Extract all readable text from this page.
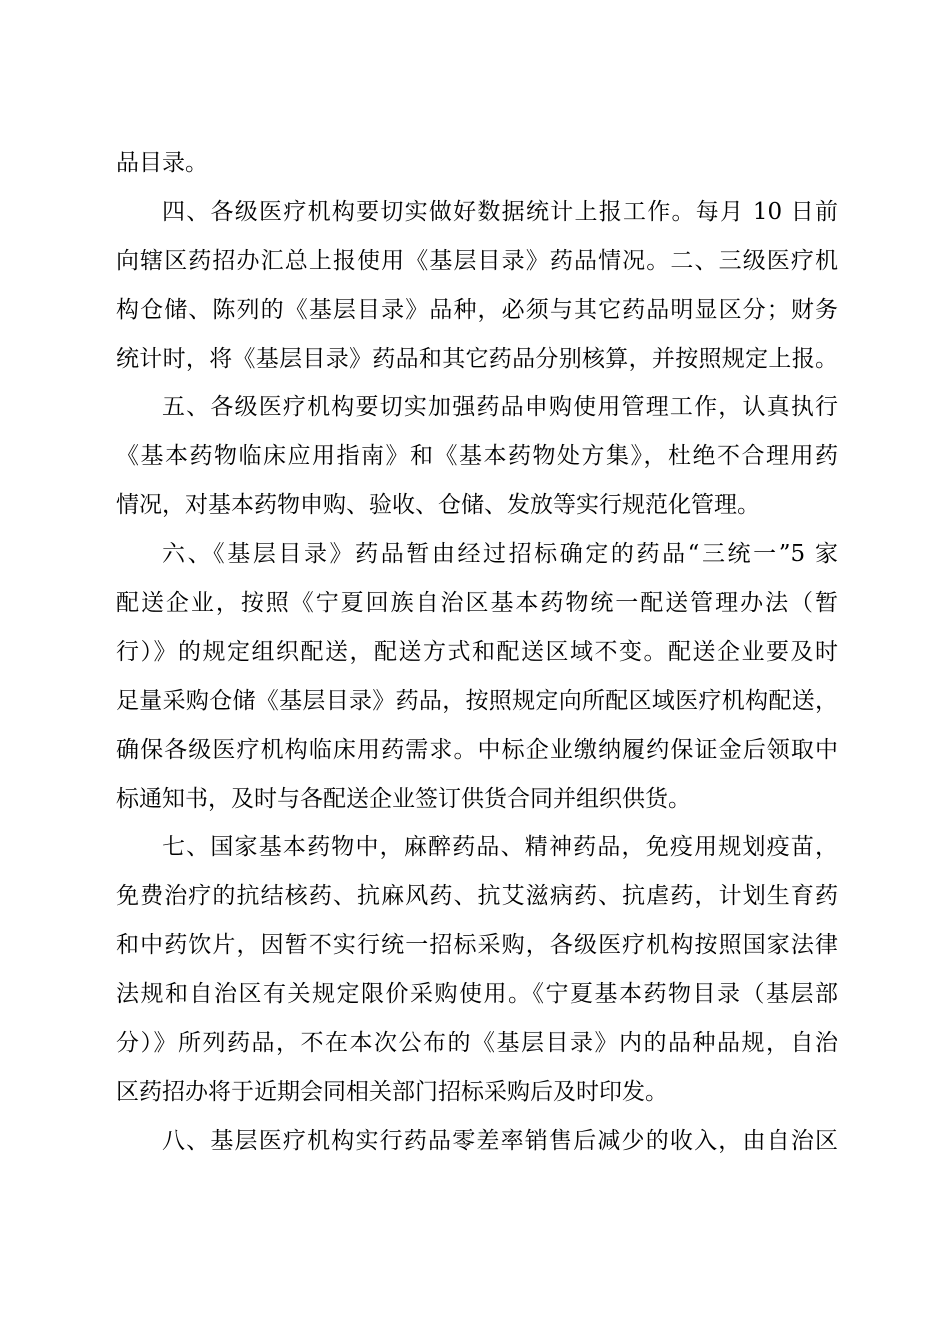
品目录。
四、各级医疗机构要切实做好数据统计上报工作。每月 10 日前
向辖区药招办汇总上报使用《基层目录》药品情况。二、三级医疗机
构仓储、陈列的《基层目录》品种，必须与其它药品明显区分；财务
统计时，将《基层目录》药品和其它药品分别核算，并按照规定上报。
五、各级医疗机构要切实加强药品申购使用管理工作，认真执行
《基本药物临床应用指南》和《基本药物处方集》，杜绝不合理用药
情况，对基本药物申购、验收、仓储、发放等实行规范化管理。
六、《基层目录》药品暂由经过招标确定的药品“三统一”5 家
配送企业，按照《宁夏回族自治区基本药物统一配送管理办法（暂
行）》的规定组织配送，配送方式和配送区域不变。配送企业要及时
足量采购仓储《基层目录》药品，按照规定向所配区域医疗机构配送，
确保各级医疗机构临床用药需求。中标企业缴纳履约保证金后领取中
标通知书，及时与各配送企业签订供货合同并组织供货。
七、国家基本药物中，麻醉药品、精神药品，免疫用规划疫苗，
免费治疗的抗结核药、抗麻风药、抗艾滋病药、抗虐药，计划生育药
和中药饮片，因暂不实行统一招标采购，各级医疗机构按照国家法律
法规和自治区有关规定限价采购使用。《宁夏基本药物目录（基层部
分）》所列药品，不在本次公布的《基层目录》内的品种品规，自治
区药招办将于近期会同相关部门招标采购后及时印发。
八、基层医疗机构实行药品零差率销售后减少的收入，由自治区
